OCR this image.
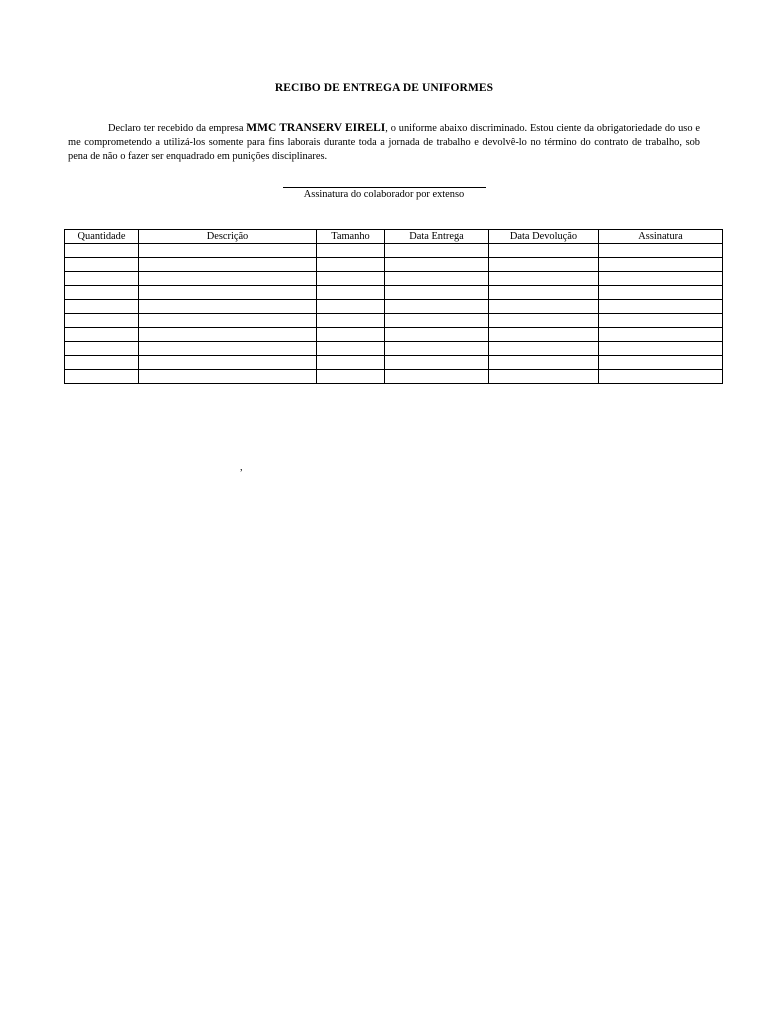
RECIBO DE ENTREGA DE UNIFORMES
Declaro ter recebido da empresa MMC TRANSERV EIRELI, o uniforme abaixo discriminado. Estou ciente da obrigatoriedade do uso e me comprometendo a utilizá-los somente para fins laborais durante toda a jornada de trabalho e devolvê-lo no término do contrato de trabalho, sob pena de não o fazer ser enquadrado em punições disciplinares.
Assinatura do colaborador por extenso
Quantidade	Descrição	Tamanho	Data Entrega	Data Devolução	Assinatura

,
